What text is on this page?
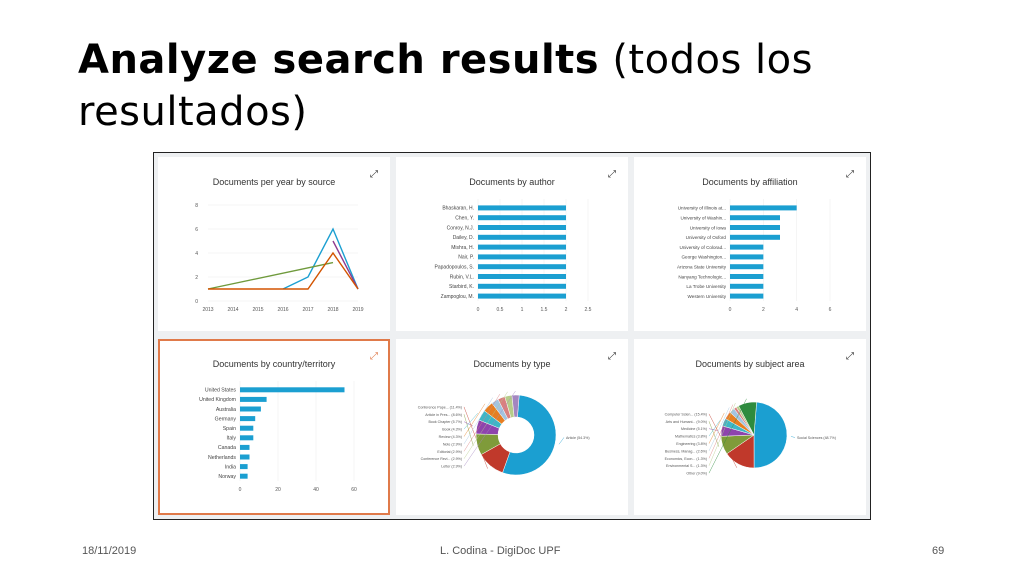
Analyze search results (todos los resultados)
Documents per year by source
⤢
0
2
4
6
8
2013	2014	2015	2016	2017	2018	2019
Documents by author
⤢
0	0.5	1	1.5	2	2.5
Bhaskaran, H.
Chen, Y.
Conroy, N.J.
Dailey, D.
Mishra, H.
Nair, P.
Papadopoulos, S.
Rubin, V.L.
Starbird, K.
Zampoglou, M.
Documents by affiliation
⤢
0	2	4	6
University of Illinois at...
University of Washin...
University of Iowa
University of Oxford
University of Colorad...
George Washington...
Arizona State University
Nanyang Technologic...
La Trobe University
Western University
Documents by country/territory
⤢
0	20	40	60
United States
United Kingdom
Australia
Germany
Spain
Italy
Canada
Netherlands
India
Norway
Documents by type
⤢
Article (54.3%)
Conference Pape... (11.4%)
Article in Pres... (8.6%)
Book Chapter (5.7%)
Book (4.3%)
Review (4.3%)
Note (2.9%)
Editorial (2.9%)
Conference Revi... (2.9%)
Letter (2.9%)
Documents by subject area
⤢
Social Sciences (48.7%)
Computer Scien... (15.4%)
Arts and Humani... (9.0%)
Medicine (5.1%)
Mathematics (3.8%)
Engineering (3.8%)
Business, Manag... (2.6%)
Economics, Econ... (1.3%)
Environmental S... (1.3%)
Other (9.0%)
18/11/2019	L. Codina - DigiDoc UPF	69
